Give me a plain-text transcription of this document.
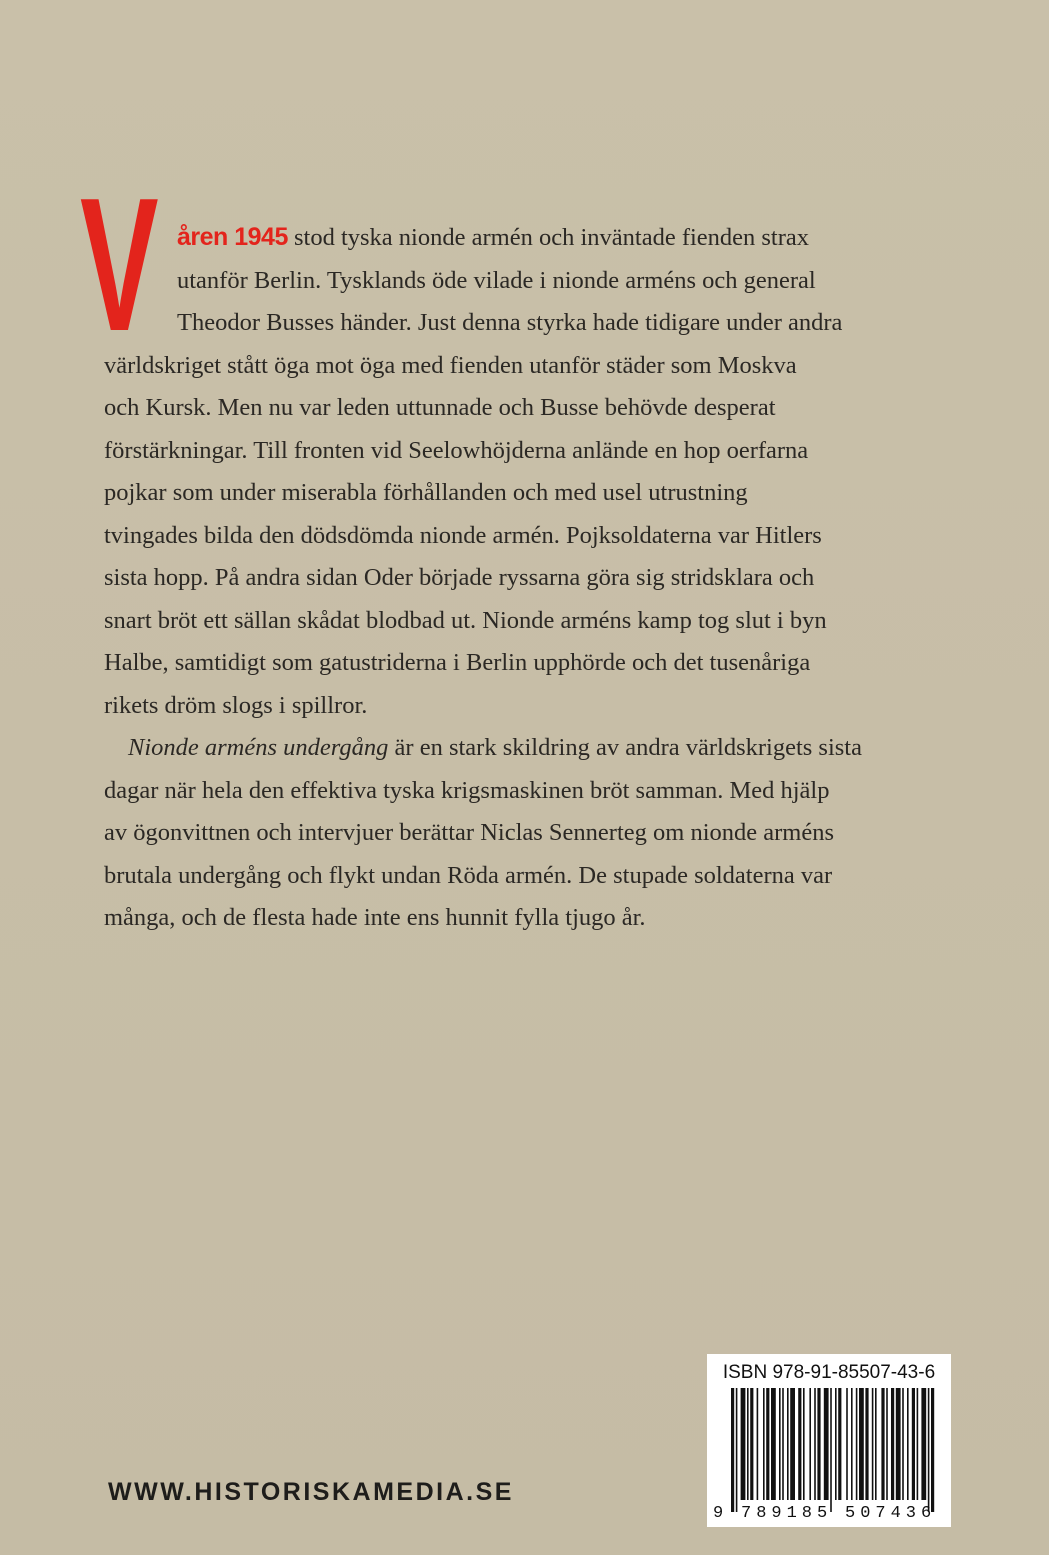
V åren 1945 stod tyska nionde armén och inväntade fienden strax
utanför Berlin. Tysklands öde vilade i nionde arméns och general
Theodor Busses händer. Just denna styrka hade tidigare under andra
världskriget stått öga mot öga med fienden utanför städer som Moskva
och Kursk. Men nu var leden uttunnade och Busse behövde desperat
förstärkningar. Till fronten vid Seelowhöjderna anlände en hop oerfarna
pojkar som under miserabla förhållanden och med usel utrustning
tvingades bilda den dödsdömda nionde armén. Pojksoldaterna var Hitlers
sista hopp. På andra sidan Oder började ryssarna göra sig stridsklara och
snart bröt ett sällan skådat blodbad ut. Nionde arméns kamp tog slut i byn
Halbe, samtidigt som gatustriderna i Berlin upphörde och det tusenåriga
rikets dröm slogs i spillror.
Nionde arméns undergång är en stark skildring av andra världskrigets sista
dagar när hela den effektiva tyska krigsmaskinen bröt samman. Med hjälp
av ögonvittnen och intervjuer berättar Niclas Sennerteg om nionde arméns
brutala undergång och flykt undan Röda armén. De stupade soldaterna var
många, och de flesta hade inte ens hunnit fylla tjugo år.
WWW.HISTORISKAMEDIA.SE
ISBN 978-91-85507-43-6
9 789185 507436
